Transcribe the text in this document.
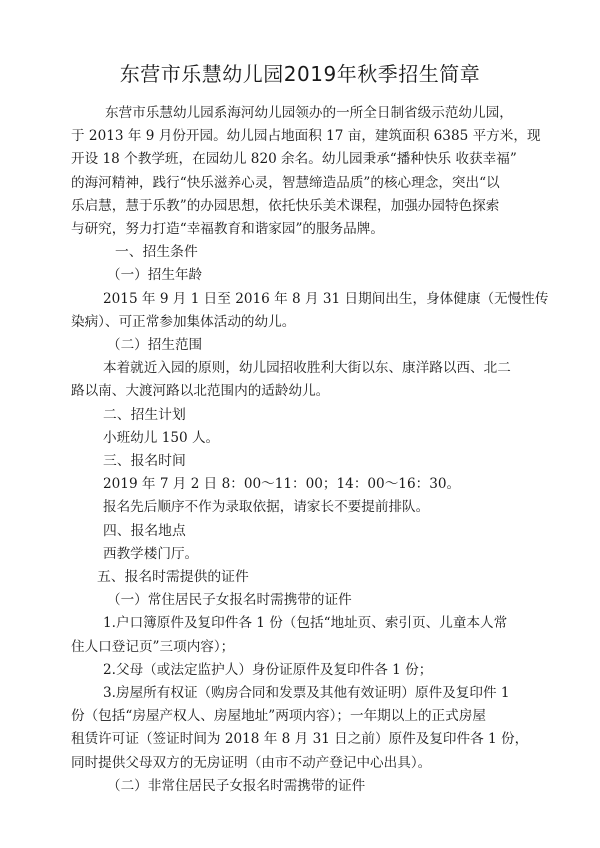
东营市乐慧幼儿园2019年秋季招生简章
东营市乐慧幼儿园系海河幼儿园领办的一所全日制省级示范幼儿园，
于 2013 年 9 月份开园。幼儿园占地面积 17 亩，建筑面积 6385 平方米，现
开设 18 个教学班，在园幼儿 820 余名。幼儿园秉承“播种快乐 收获幸福”
的海河精神，践行“快乐滋养心灵，智慧缔造品质”的核心理念，突出“以
乐启慧，慧于乐教”的办园思想，依托快乐美术课程，加强办园特色探索
与研究，努力打造“幸福教育和谐家园”的服务品牌。
一、招生条件
（一）招生年龄
2015 年 9 月 1 日至 2016 年 8 月 31 日期间出生，身体健康（无慢性传
染病）、可正常参加集体活动的幼儿。
（二）招生范围
本着就近入园的原则，幼儿园招收胜利大街以东、康洋路以西、北二
路以南、大渡河路以北范围内的适龄幼儿。
二、招生计划
小班幼儿 150 人。
三、报名时间
2019 年 7 月 2 日 8：00～11：00；14：00～16：30。
报名先后顺序不作为录取依据，请家长不要提前排队。
四、报名地点
西教学楼门厅。
五、报名时需提供的证件
（一）常住居民子女报名时需携带的证件
1.户口簿原件及复印件各 1 份（包括“地址页、索引页、儿童本人常
住人口登记页”三项内容）；
2.父母（或法定监护人）身份证原件及复印件各 1 份；
3.房屋所有权证（购房合同和发票及其他有效证明）原件及复印件 1
份（包括“房屋产权人、房屋地址”两项内容）；一年期以上的正式房屋
租赁许可证（签证时间为 2018 年 8 月 31 日之前）原件及复印件各 1 份，
同时提供父母双方的无房证明（由市不动产登记中心出具）。
（二）非常住居民子女报名时需携带的证件
